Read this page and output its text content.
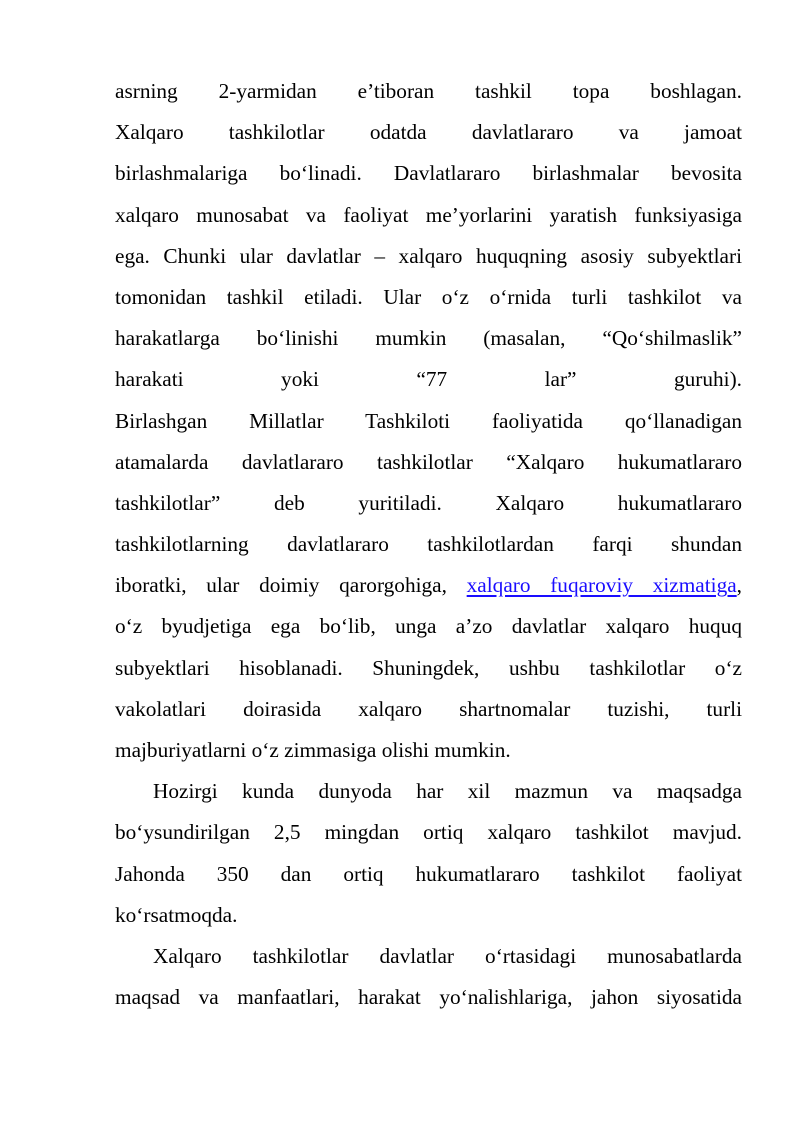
asrning 2-yarmidan e’tiboran tashkil topa boshlagan.
Xalqaro tashkilotlar odatda davlatlararo va jamoat
birlashmalariga bo‘linadi. Davlatlararo birlashmalar bevosita
xalqaro munosabat va faoliyat me’yorlarini yaratish funksiyasiga
ega. Chunki ular davlatlar – xalqaro huquqning asosiy subyektlari
tomonidan tashkil etiladi. Ular o‘z o‘rnida turli tashkilot va
harakatlarga bo‘linishi mumkin (masalan, “Qo‘shilmaslik”
harakati yoki “77 lar” guruhi).
Birlashgan Millatlar Tashkiloti faoliyatida qo‘llanadigan
atamalarda davlatlararo tashkilotlar “Xalqaro hukumatlararo
tashkilotlar” deb yuritiladi. Xalqaro hukumatlararo
tashkilotlarning davlatlararo tashkilotlardan farqi shundan
iboratki, ular doimiy qarorgohiga, xalqaro fuqaroviy xizmatiga,
o‘z byudjetiga ega bo‘lib, unga a’zo davlatlar xalqaro huquq
subyektlari hisoblanadi. Shuningdek, ushbu tashkilotlar o‘z
vakolatlari doirasida xalqaro shartnomalar tuzishi, turli
majburiyatlarni o‘z zimmasiga olishi mumkin.
Hozirgi kunda dunyoda har xil mazmun va maqsadga
bo‘ysundirilgan 2,5 mingdan ortiq xalqaro tashkilot mavjud.
Jahonda 350 dan ortiq hukumatlararo tashkilot faoliyat
ko‘rsatmoqda.
Xalqaro tashkilotlar davlatlar o‘rtasidagi munosabatlarda
maqsad va manfaatlari, harakat yo‘nalishlariga, jahon siyosatida
